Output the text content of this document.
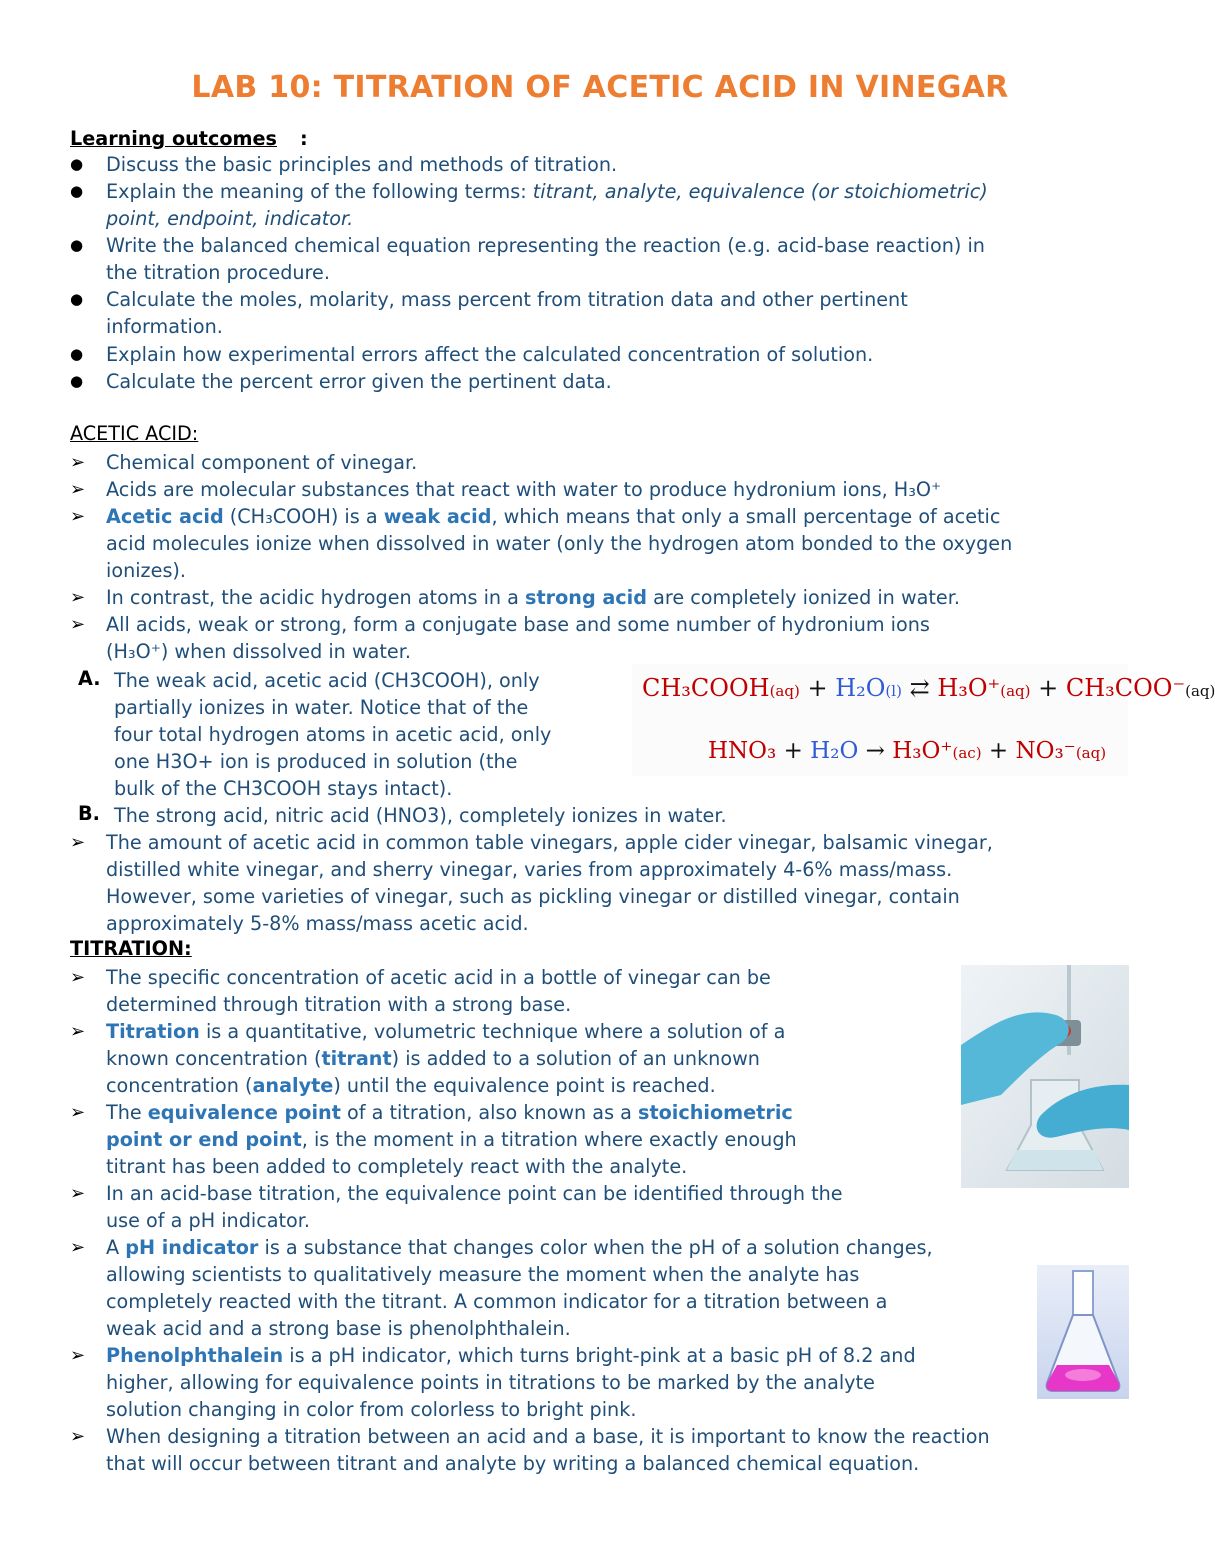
LAB 10: TITRATION OF ACETIC ACID IN VINEGAR
Learning outcomes :
●	Discuss the basic principles and methods of titration.
●	Explain the meaning of the following terms: titrant, analyte, equivalence (or stoichiometric)
point, endpoint, indicator.
●	Write the balanced chemical equation representing the reaction (e.g. acid-base reaction) in
the titration procedure.
●	Calculate the moles, molarity, mass percent from titration data and other pertinent
information.
●	Explain how experimental errors affect the calculated concentration of solution.
●	Calculate the percent error given the pertinent data.
ACETIC ACID:
➢	Chemical component of vinegar.
➢	Acids are molecular substances that react with water to produce hydronium ions, H₃O⁺
➢	Acetic acid (CH₃COOH) is a weak acid, which means that only a small percentage of acetic
acid molecules ionize when dissolved in water (only the hydrogen atom bonded to the oxygen
ionizes).
➢	In contrast, the acidic hydrogen atoms in a strong acid are completely ionized in water.
➢	All acids, weak or strong, form a conjugate base and some number of hydronium ions
(H₃O⁺) when dissolved in water.
A. The weak acid, acetic acid (CH3COOH), only
partially ionizes in water. Notice that of the
four total hydrogen atoms in acetic acid, only
one H3O+ ion is produced in solution (the
bulk of the CH3COOH stays intact).
B. The strong acid, nitric acid (HNO3), completely ionizes in water.
CH₃COOH(aq) + H₂O(l) ⇄ H₃O⁺(aq) + CH₃COO⁻(aq)
HNO₃ + H₂O → H₃O⁺(ac) + NO₃⁻(aq)
➢	The amount of acetic acid in common table vinegars, apple cider vinegar, balsamic vinegar,
distilled white vinegar, and sherry vinegar, varies from approximately 4-6% mass/mass.
However, some varieties of vinegar, such as pickling vinegar or distilled vinegar, contain
approximately 5-8% mass/mass acetic acid.
TITRATION:
➢	The specific concentration of acetic acid in a bottle of vinegar can be
determined through titration with a strong base.
➢	Titration is a quantitative, volumetric technique where a solution of a
known concentration (titrant) is added to a solution of an unknown
concentration (analyte) until the equivalence point is reached.
➢	The equivalence point of a titration, also known as a stoichiometric
point or end point, is the moment in a titration where exactly enough
titrant has been added to completely react with the analyte.
➢	In an acid-base titration, the equivalence point can be identified through the
use of a pH indicator.
➢	A pH indicator is a substance that changes color when the pH of a solution changes,
allowing scientists to qualitatively measure the moment when the analyte has
completely reacted with the titrant. A common indicator for a titration between a
weak acid and a strong base is phenolphthalein.
➢	Phenolphthalein is a pH indicator, which turns bright-pink at a basic pH of 8.2 and
higher, allowing for equivalence points in titrations to be marked by the analyte
solution changing in color from colorless to bright pink.
➢	When designing a titration between an acid and a base, it is important to know the reaction
that will occur between titrant and analyte by writing a balanced chemical equation.
